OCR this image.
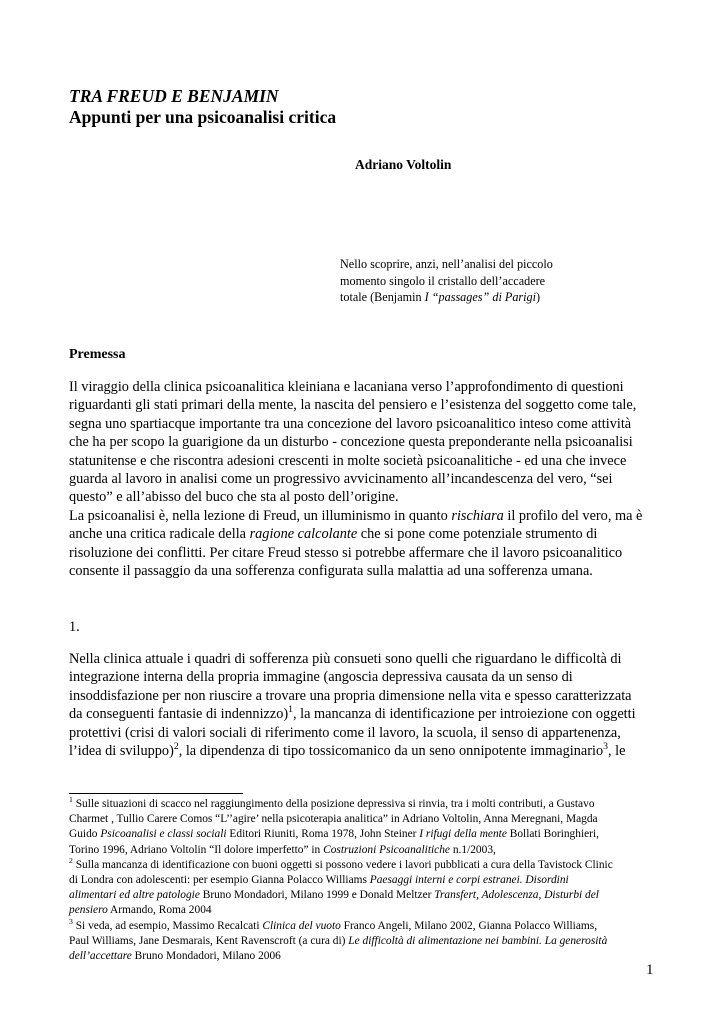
TRA FREUD E BENJAMIN
Appunti per una psicoanalisi critica
Adriano Voltolin
Nello scoprire, anzi, nell’analisi del piccolo
momento singolo il cristallo dell’accadere
totale (Benjamin I “passages” di Parigi)
Premessa
Il viraggio della clinica psicoanalitica kleiniana e lacaniana verso l’approfondimento di questioni
riguardanti gli stati primari della mente, la nascita del pensiero e l’esistenza del soggetto come tale,
segna uno spartiacque importante tra una concezione del lavoro psicoanalitico inteso come attività
che ha per scopo la guarigione da un disturbo - concezione questa preponderante nella psicoanalisi
statunitense e che riscontra adesioni crescenti in molte società psicoanalitiche - ed una che invece
guarda al lavoro in analisi come un progressivo avvicinamento all’incandescenza del vero, “sei
questo” e all’abisso del buco che sta al posto dell’origine.
La psicoanalisi è, nella lezione di Freud, un illuminismo in quanto rischiara il profilo del vero, ma è
anche una critica radicale della ragione calcolante che si pone come potenziale strumento di
risoluzione dei conflitti. Per citare Freud stesso si potrebbe affermare che il lavoro psicoanalitico
consente il passaggio da una sofferenza configurata sulla malattia ad una sofferenza umana.
1.
Nella clinica attuale i quadri di sofferenza più consueti sono quelli che riguardano le difficoltà di
integrazione interna della propria immagine (angoscia depressiva causata da un senso di
insoddisfazione per non riuscire a trovare una propria dimensione nella vita e spesso caratterizzata
da conseguenti fantasie di indennizzo)$^1$, la mancanza di identificazione per introiezione con oggetti
protettivi (crisi di valori sociali di riferimento come il lavoro, la scuola, il senso di appartenenza,
l’idea di sviluppo)$^2$, la dipendenza di tipo tossicomanico da un seno onnipotente immaginario$^3$, le
$^1$ Sulle situazioni di scacco nel raggiungimento della posizione depressiva si rinvia, tra i molti contributi, a Gustavo
Charmet , Tullio Carere Comos “L’’agire’ nella psicoterapia analitica” in Adriano Voltolin, Anna Meregnani, Magda
Guido Psicoanalisi e classi sociali Editori Riuniti, Roma 1978, John Steiner I rifugi della mente Bollati Boringhieri,
Torino 1996, Adriano Voltolin “Il dolore imperfetto” in Costruzioni Psicoanalitiche n.1/2003,
$^2$ Sulla mancanza di identificazione con buoni oggetti si possono vedere i lavori pubblicati a cura della Tavistock Clinic
di Londra con adolescenti: per esempio Gianna Polacco Williams Paesaggi interni e corpi estranei. Disordini
alimentari ed altre patologie Bruno Mondadori, Milano 1999 e Donald Meltzer Transfert, Adolescenza, Disturbi del
pensiero Armando, Roma 2004
$^3$ Si veda, ad esempio, Massimo Recalcati Clinica del vuoto Franco Angeli, Milano 2002, Gianna Polacco Williams,
Paul Williams, Jane Desmarais, Kent Ravenscroft (a cura di) Le difficoltà di alimentazione nei bambini. La generosità
dell’accettare Bruno Mondadori, Milano 2006
1
